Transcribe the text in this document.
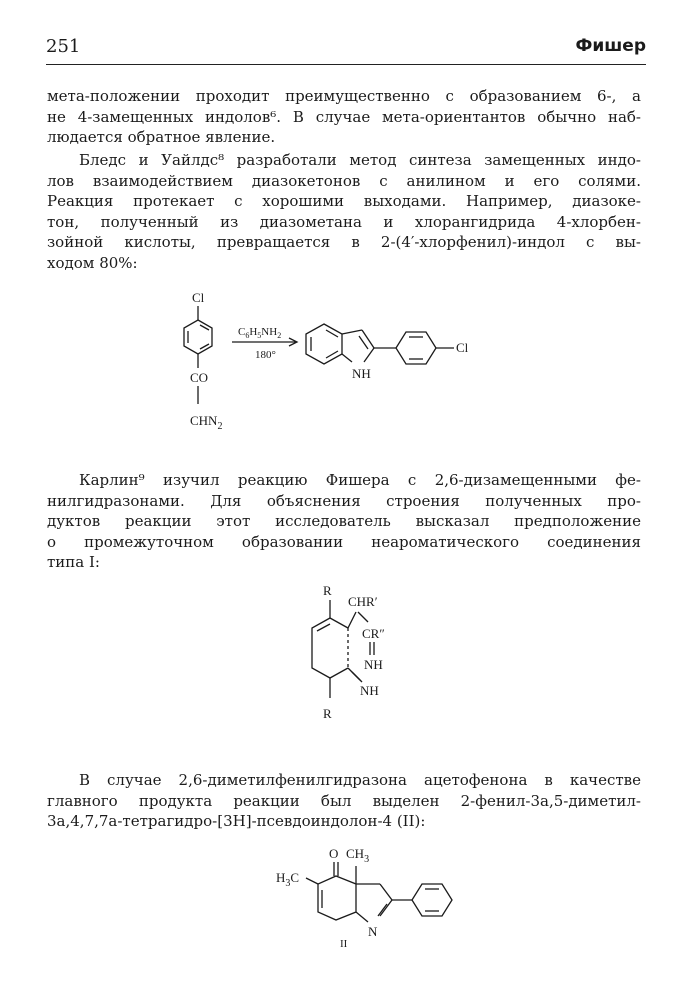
251	Фишер

мета-положении проходит преимущественно с образованием 6-, а
не 4-замещенных индолов⁶. В случае мета-ориентантов обычно наб-
людается обратное явление.

Бледс и Уайлдс⁸ разработали метод синтеза замещенных индо-
лов взаимодействием диазокетонов с анилином и его солями.
Реакция протекает с хорошими выходами. Например, диазоке-
тон, полученный из диазометана и хлорангидрида 4-хлорбен-
зойной кислоты, превращается в 2-(4′-хлорфенил)-индол с вы-
ходом 80%:

Карлин⁹ изучил реакцию Фишера с 2,6-дизамещенными фе-
нилгидразонами. Для объяснения строения полученных про-
дуктов реакции этот исследователь высказал предположение
о промежуточном образовании неароматического соединения
типа I:

В случае 2,6-диметилфенилгидразона ацетофенона в качестве
главного продукта реакции был выделен 2-фенил-3а,5-диметил-
3а,4,7,7а-тетрагидро-[3Н]-псевдоиндолон-4 (II):

Cl
CO
$CHN_2$
$C_6H_5NH_2$
180°
NH
Cl
R
R
NH
CHR′
CR″
NH
O $CH_3$
$H_3C$
N
II
